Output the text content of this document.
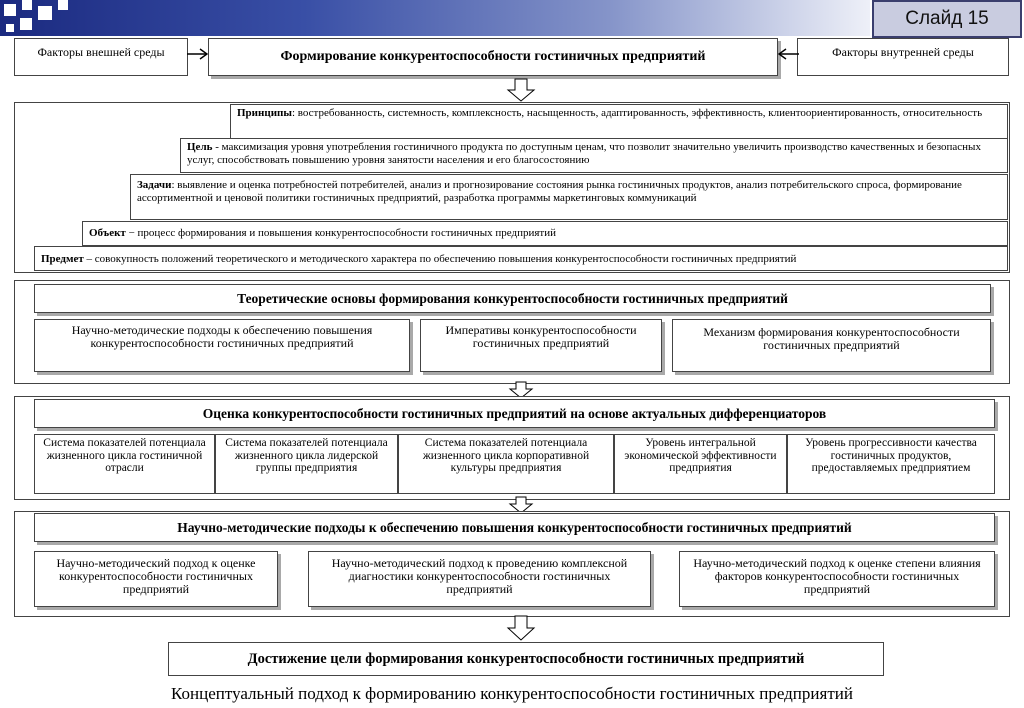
Слайд 15
Факторы внешней среды	Формирование конкурентоспособности гостиничных предприятий	Факторы внутренней среды
Принципы: востребованность, системность, комплексность, насыщенность, адаптированность, эффективность, клиентоориентированность, относительность
Цель - максимизация уровня употребления гостиничного продукта по доступным ценам, что позволит значительно увеличить производство качественных и безопасных услуг, способствовать повышению уровня занятости населения и его благосостоянию
Задачи: выявление и оценка потребностей потребителей, анализ и прогнозирование состояния рынка гостиничных продуктов, анализ потребительского спроса, формирование ассортиментной и ценовой политики гостиничных предприятий, разработка программы маркетинговых коммуникаций
Объект − процесс формирования и повышения конкурентоспособности гостиничных предприятий
Предмет – совокупность положений теоретического и методического характера по обеспечению повышения конкурентоспособности гостиничных предприятий
Теоретические основы формирования конкурентоспособности гостиничных предприятий
Научно-методические подходы к обеспечению повышения конкурентоспособности гостиничных предприятий
Императивы конкурентоспособности гостиничных предприятий
Механизм формирования конкурентоспособности гостиничных предприятий
Оценка конкурентоспособности гостиничных предприятий на основе актуальных дифференциаторов
Система показателей потенциала жизненного цикла гостиничной отрасли
Система показателей потенциала жизненного цикла лидерской группы предприятия
Система показателей потенциала жизненного цикла корпоративной культуры предприятия
Уровень интегральной экономической эффективности предприятия
Уровень прогрессивности качества гостиничных продуктов, предоставляемых предприятием
Научно-методические подходы к обеспечению повышения конкурентоспособности гостиничных предприятий
Научно-методический подход к оценке конкурентоспособности гостиничных предприятий
Научно-методический подход к проведению комплексной диагностики конкурентоспособности гостиничных предприятий
Научно-методический подход к оценке степени влияния факторов конкурентоспособности гостиничных предприятий
Достижение цели формирования конкурентоспособности гостиничных предприятий
Концептуальный подход к формированию конкурентоспособности гостиничных предприятий
